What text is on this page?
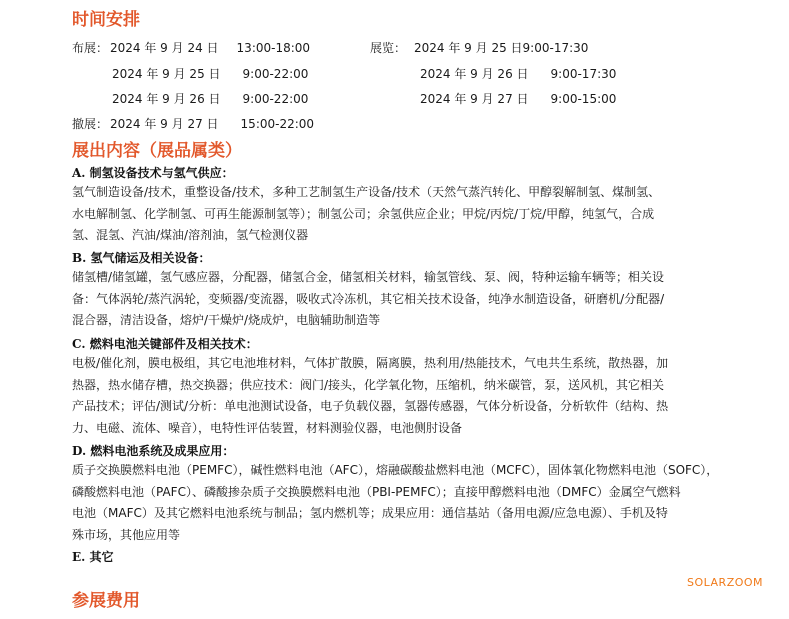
时间安排
布展： 2024 年 9 月 24 日 13:00-18:00	展览： 2024 年 9 月 25 日9:00-17:30
2024 年 9 月 25 日 9:00-22:00	2024 年 9 月 26 日 9:00-17:30
2024 年 9 月 26 日 9:00-22:00	2024 年 9 月 27 日 9:00-15:00
撤展： 2024 年 9 月 27 日 15:00-22:00
展出内容（展品属类）
A. 制氢设备技术与氢气供应：
氢气制造设备/技术，重整设备/技术，多种工艺制氢生产设备/技术（天然气蒸汽转化、甲醇裂解制氢、煤制氢、
水电解制氢、化学制氢、可再生能源制氢等）；制氢公司；余氢供应企业；甲烷/丙烷/丁烷/甲醇，纯氢气，合成
氢、混氢、汽油/煤油/溶剂油，氢气检测仪器
B. 氢气储运及相关设备：
储氢槽/储氢罐，氢气感应器，分配器，储氢合金，储氢相关材料，输氢管线、泵、阀，特种运输车辆等；相关设
备：气体涡轮/蒸汽涡轮，变频器/变流器，吸收式冷冻机，其它相关技术设备，纯净水制造设备，研磨机/分配器/
混合器，清洁设备，熔炉/干燥炉/烧成炉，电脑辅助制造等
C. 燃料电池关键部件及相关技术：
电极/催化剂，膜电极组，其它电池堆材料，气体扩散膜，隔离膜，热利用/热能技术，气电共生系统，散热器，加
热器，热水储存槽，热交换器；供应技术：阀门/接头，化学氧化物，压缩机，纳米碳管，泵，送风机，其它相关
产品技术；评估/测试/分析：单电池测试设备，电子负载仪器，氢器传感器，气体分析设备，分析软件（结构、热
力、电磁、流体、噪音），电特性评估装置，材料测验仪器，电池侧肘设备
D. 燃料电池系统及成果应用：
质子交换膜燃料电池（PEMFC），碱性燃料电池（AFC），熔融碳酸盐燃料电池（MCFC），固体氧化物燃料电池（SOFC），
磷酸燃料电池（PAFC）、磷酸掺杂质子交换膜燃料电池（PBI-PEMFC）；直接甲醇燃料电池（DMFC）金属空气燃料
电池（MAFC）及其它燃料电池系统与制品；氢内燃机等；成果应用：通信基站（备用电源/应急电源）、手机及特
殊市场，其他应用等
E. 其它
SOLARZOOM
参展费用
